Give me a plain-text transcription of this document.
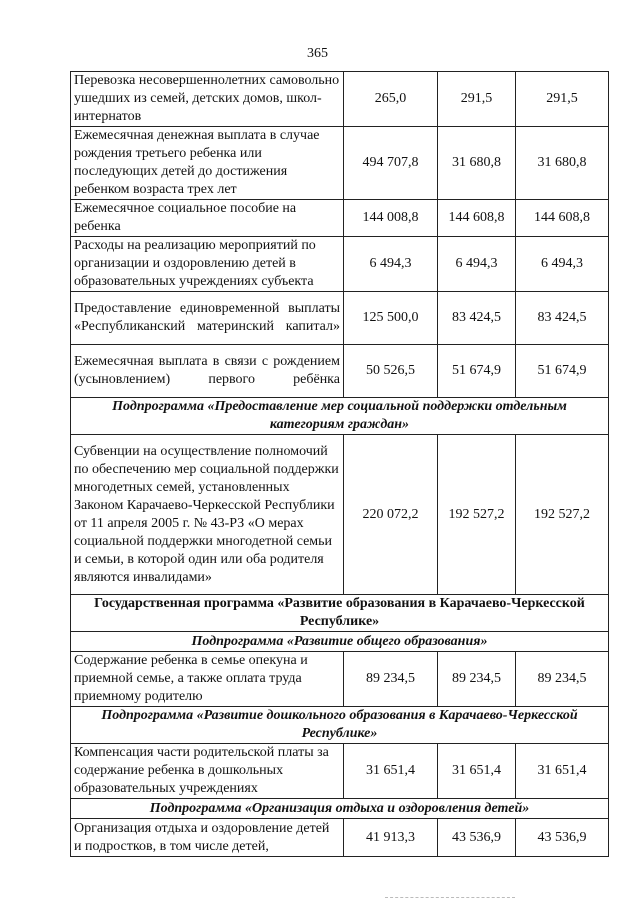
365
Перевозка несовершеннолетних самовольно ушедших из семей, детских домов, школ-интернатов	265,0	291,5	291,5
Ежемесячная денежная выплата в случае рождения третьего ребенка или последующих детей до достижения ребенком возраста трех лет	494 707,8	31 680,8	31 680,8
Ежемесячное социальное пособие на ребенка	144 008,8	144 608,8	144 608,8
Расходы на реализацию мероприятий по организации и оздоровлению детей в образовательных учреждениях субъекта	6 494,3	6 494,3	6 494,3
Предоставление единовременной выплаты «Республиканский материнский капитал»	125 500,0	83 424,5	83 424,5
Ежемесячная выплата в связи с рождением (усыновлением) первого ребёнка	50 526,5	51 674,9	51 674,9
Подпрограмма «Предоставление мер социальной поддержки отдельным категориям граждан»			
Субвенции на осуществление полномочий по обеспечению мер социальной поддержки многодетных семей, установленных Законом Карачаево-Черкесской Республики от 11 апреля 2005 г. № 43-РЗ «О мерах социальной поддержки многодетной семьи и семьи, в которой один или оба родителя являются инвалидами»	220 072,2	192 527,2	192 527,2
Государственная программа «Развитие образования в Карачаево-Черкесской Республике»			
Подпрограмма «Развитие общего образования»			
Содержание ребенка в семье опекуна и приемной семье, а также оплата труда приемному родителю	89 234,5	89 234,5	89 234,5
Подпрограмма «Развитие дошкольного образования в Карачаево-Черкесской Республике»			
Компенсация части родительской платы за содержание ребенка в дошкольных образовательных учреждениях	31 651,4	31 651,4	31 651,4
Подпрограмма «Организация отдыха и оздоровления детей»			
Организация отдыха и оздоровление детей и подростков, в том числе детей,	41 913,3	43 536,9	43 536,9
